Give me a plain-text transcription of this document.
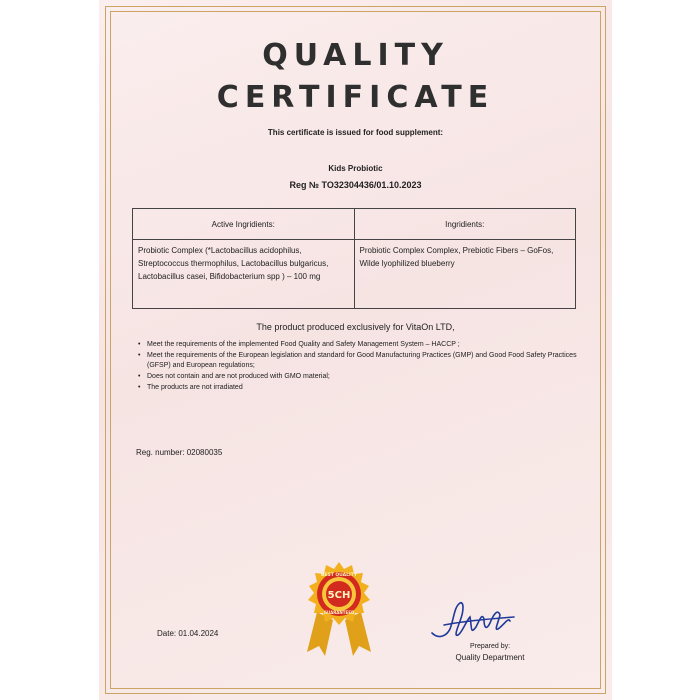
QUALITY
CERTIFICATE
This certificate is issued for food supplement:
Kids Probiotic
Reg № TO32304436/01.10.2023
Active Ingridients:	Ingridients:
Probiotic Complex (*Lactobacillus acidophilus, Streptococcus thermophilus, Lactobacillus bulgaricus, Lactobacillus casei, Bifidobacterium spp ) – 100 mg	Probiotic Complex Complex, Prebiotic Fibers – GoFos, Wilde lyophilized blueberry
The product produced exclusively for VitaOn LTD,
• Meet the requirements of the implemented Food Quality and Safety Management System – HACCP ;
• Meet the requirements of the European legislation and standard for Good Manufacturing Practices (GMP) and Good Food Safety Practices (GFSP) and European regulations;
• Does not contain and are not produced with GMO material;
• The products are not irradiated
Reg. number: 02080035
5CH
BEST QUALITY
GUARANTEED
Date: 01.04.2024
Prepared by:
Quality Department
